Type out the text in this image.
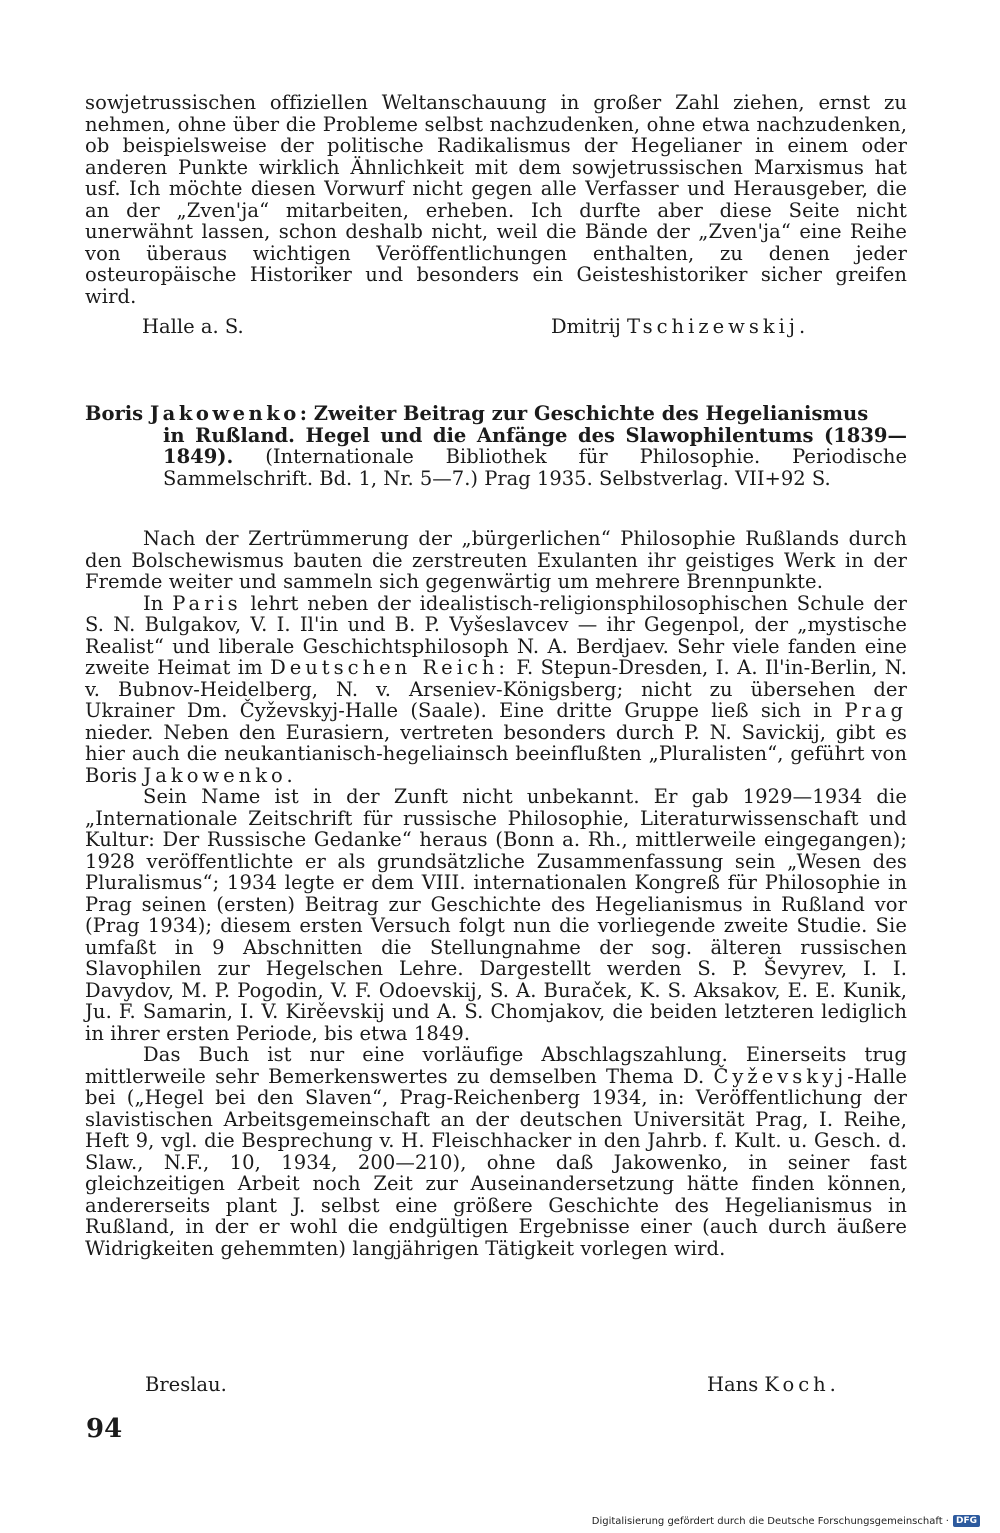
sowjetrussischen offiziellen Weltanschauung in großer Zahl ziehen, ernst zu nehmen, ohne über die Probleme selbst nachzudenken, ohne etwa nachzudenken, ob beispielsweise der politische Radikalismus der Hegelianer in einem oder anderen Punkte wirklich Ähnlichkeit mit dem sowjetrussischen Marxismus hat usf. Ich möchte diesen Vorwurf nicht gegen alle Verfasser und Herausgeber, die an der „Zven'ja“ mitarbeiten, erheben. Ich durfte aber diese Seite nicht unerwähnt lassen, schon deshalb nicht, weil die Bände der „Zven'ja“ eine Reihe von überaus wichtigen Veröffentlichungen enthalten, zu denen jeder osteuropäische Historiker und besonders ein Geisteshistoriker sicher greifen wird.

Halle a. S.	Dmitrij Tschizewskij.
Boris Jakowenko: Zweiter Beitrag zur Geschichte des Hegelianismus
in Rußland. Hegel und die Anfänge des Slawophilentums (1839— 1849). (Internationale Bibliothek für Philosophie. Periodische Sammelschrift. Bd. 1, Nr. 5—7.) Prag 1935. Selbstverlag. VII+92 S.

Nach der Zertrümmerung der „bürgerlichen“ Philosophie Rußlands durch den Bolschewismus bauten die zerstreuten Exulanten ihr geistiges Werk in der Fremde weiter und sammeln sich gegenwärtig um mehrere Brennpunkte.

In Paris lehrt neben der idealistisch-religionsphilosophischen Schule der S. N. Bulgakov, V. I. Il'in und B. P. Vyšeslavcev — ihr Gegenpol, der „mystische Realist“ und liberale Geschichtsphilosoph N. A. Berdjaev. Sehr viele fanden eine zweite Heimat im Deutschen Reich: F. Stepun-Dresden, I. A. Il'in-Berlin, N. v. Bubnov-Heidelberg, N. v. Arseniev-Königsberg; nicht zu übersehen der Ukrainer Dm. Čyževskyj-Halle (Saale). Eine dritte Gruppe ließ sich in Prag nieder. Neben den Eurasiern, vertreten besonders durch P. N. Savickij, gibt es hier auch die neukantianisch-hegeliainsch beeinflußten „Pluralisten“, geführt von Boris Jakowenko.

Sein Name ist in der Zunft nicht unbekannt. Er gab 1929—1934 die „Internationale Zeitschrift für russische Philosophie, Literaturwissenschaft und Kultur: Der Russische Gedanke“ heraus (Bonn a. Rh., mittlerweile eingegangen); 1928 veröffentlichte er als grundsätzliche Zusammenfassung sein „Wesen des Pluralismus“; 1934 legte er dem VIII. internationalen Kongreß für Philosophie in Prag seinen (ersten) Beitrag zur Geschichte des Hegelianismus in Rußland vor (Prag 1934); diesem ersten Versuch folgt nun die vorliegende zweite Studie. Sie umfaßt in 9 Abschnitten die Stellungnahme der sog. älteren russischen Slavophilen zur Hegelschen Lehre. Dargestellt werden S. P. Ševyrev, I. I. Davydov, M. P. Pogodin, V. F. Odoevskij, S. A. Buraček, K. S. Aksakov, E. E. Kunik, Ju. F. Samarin, I. V. Kirěevskij und A. S. Chomjakov, die beiden letzteren lediglich in ihrer ersten Periode, bis etwa 1849.

Das Buch ist nur eine vorläufige Abschlagszahlung. Einerseits trug mittlerweile sehr Bemerkenswertes zu demselben Thema D. Čyževskyj-Halle bei („Hegel bei den Slaven“, Prag-Reichenberg 1934, in: Veröffentlichung der slavistischen Arbeitsgemeinschaft an der deutschen Universität Prag, I. Reihe, Heft 9, vgl. die Besprechung v. H. Fleischhacker in den Jahrb. f. Kult. u. Gesch. d. Slaw., N.F., 10, 1934, 200—210), ohne daß Jakowenko, in seiner fast gleichzeitigen Arbeit noch Zeit zur Auseinandersetzung hätte finden können, andererseits plant J. selbst eine größere Geschichte des Hegelianismus in Rußland, in der er wohl die endgültigen Ergebnisse einer (auch durch äußere Widrigkeiten gehemmten) langjährigen Tätigkeit vorlegen wird.

Breslau.	Hans Koch.
94
Digitalisierung gefördert durch die Deutsche Forschungsgemeinschaft · DFG
